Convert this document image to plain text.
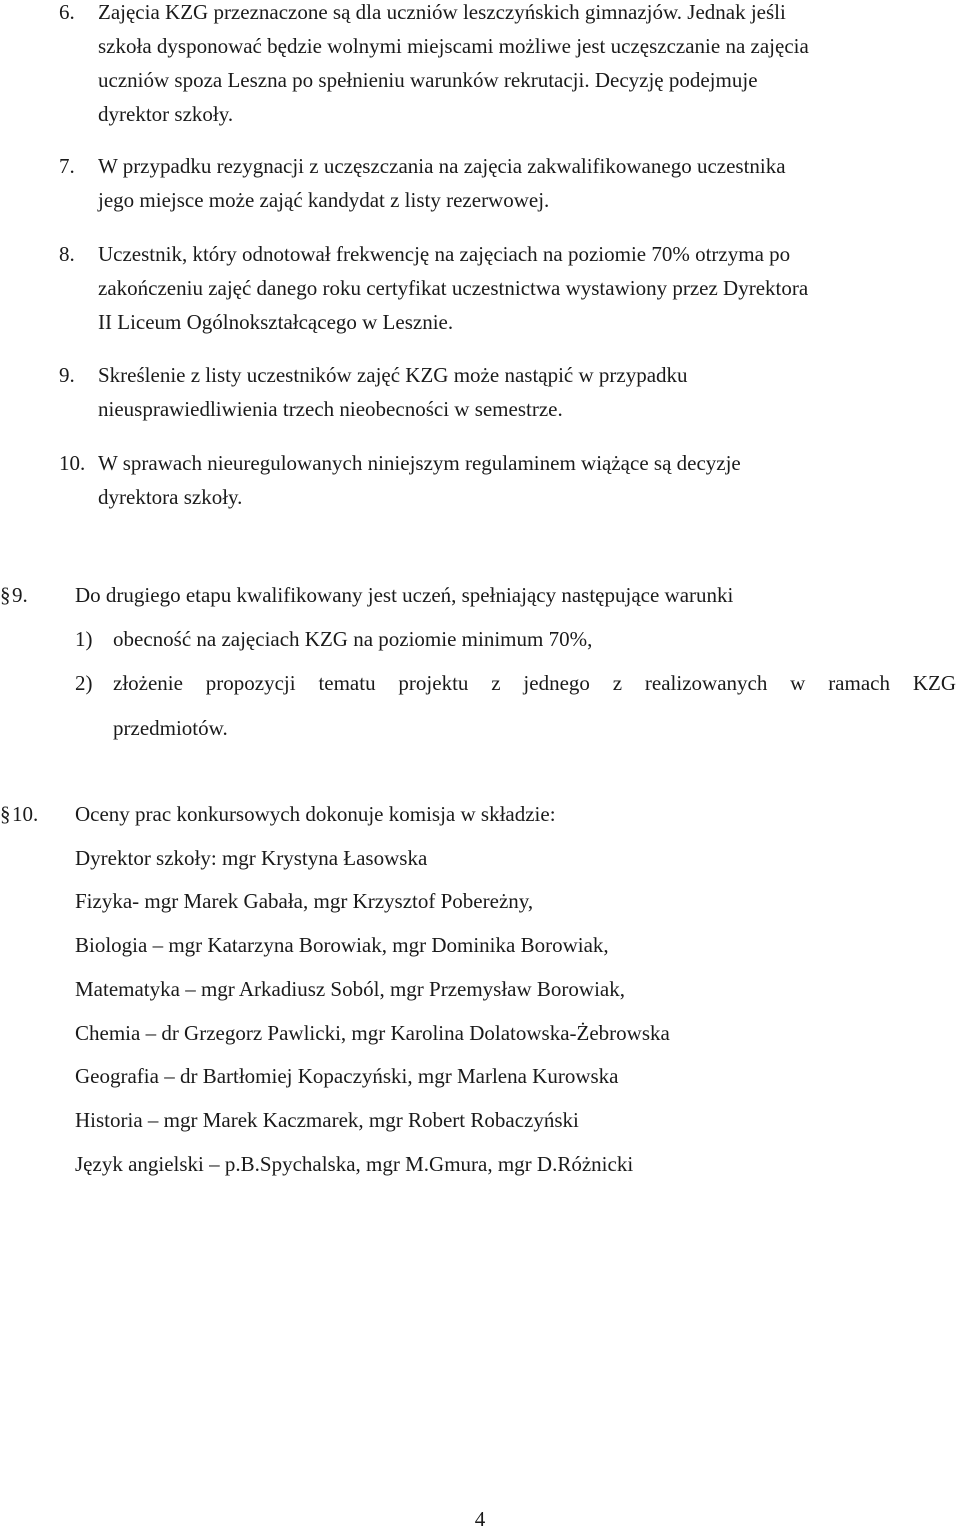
6. Zajęcia KZG przeznaczone są dla uczniów leszczyńskich gimnazjów. Jednak jeśli
szkoła dysponować będzie wolnymi miejscami możliwe jest uczęszczanie na zajęcia
uczniów spoza Leszna po spełnieniu warunków rekrutacji. Decyzję podejmuje
dyrektor szkoły.
7. W przypadku rezygnacji z uczęszczania na zajęcia zakwalifikowanego uczestnika
jego miejsce może zająć kandydat z listy rezerwowej.
8. Uczestnik, który odnotował frekwencję na zajęciach na poziomie 70% otrzyma po
zakończeniu zajęć danego roku certyfikat uczestnictwa wystawiony przez Dyrektora
II Liceum Ogólnokształcącego w Lesznie.
9. Skreślenie z listy uczestników zajęć KZG może nastąpić w przypadku
nieusprawiedliwienia trzech nieobecności w semestrze.
10. W sprawach nieuregulowanych niniejszym regulaminem wiążące są decyzje
dyrektora szkoły.
§ 9. Do drugiego etapu kwalifikowany jest uczeń, spełniający następujące warunki
1) obecność na zajęciach KZG na poziomie minimum 70%,
2) złożenie propozycji tematu projektu z jednego z realizowanych w ramach KZG
przedmiotów.
§ 10. Oceny prac konkursowych dokonuje komisja w składzie:
Dyrektor szkoły: mgr Krystyna Łasowska
Fizyka- mgr Marek Gabała, mgr Krzysztof Pobereżny,
Biologia – mgr Katarzyna Borowiak, mgr Dominika Borowiak,
Matematyka – mgr Arkadiusz Soból, mgr Przemysław Borowiak,
Chemia – dr Grzegorz Pawlicki, mgr Karolina Dolatowska-Żebrowska
Geografia – dr Bartłomiej Kopaczyński, mgr Marlena Kurowska
Historia – mgr Marek Kaczmarek, mgr Robert Robaczyński
Język angielski – p.B.Spychalska, mgr M.Gmura, mgr D.Różnicki
4
